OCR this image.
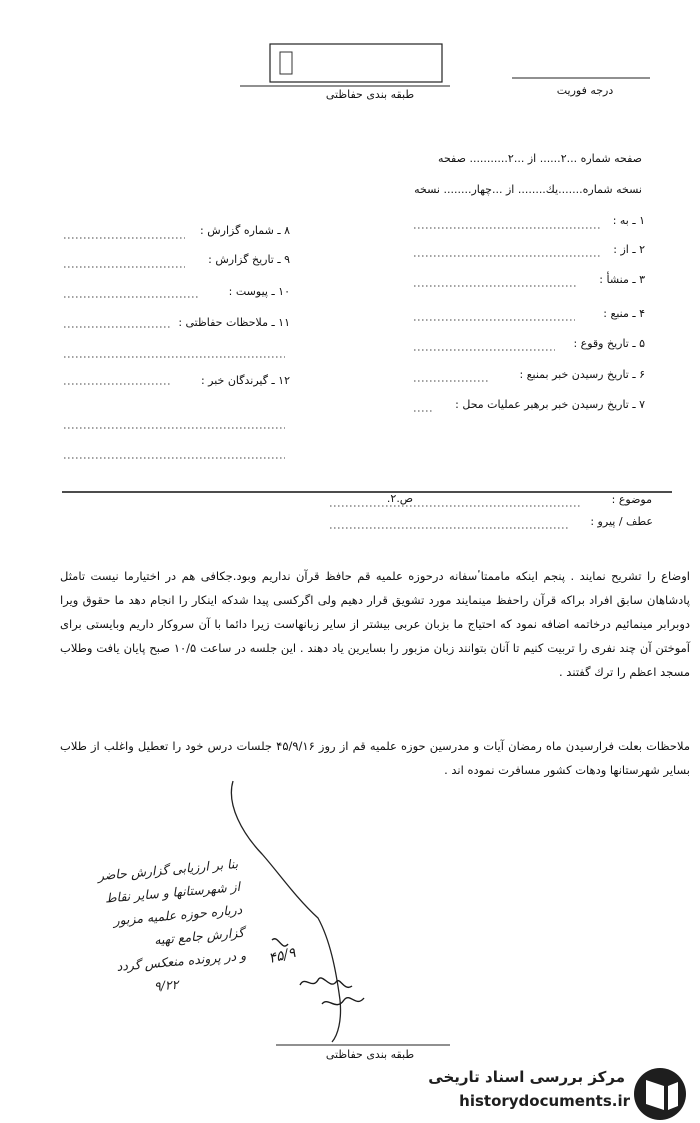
طبقه بندی حفاظتی	درجه فوریت
صفحه شماره ...۲...... از ...۲........... صفحه
نسخه شماره.......یك........ از ...چهار........ نسخه
۸ ـ شماره گزارش :
۹ ـ تاریخ گزارش :
۱۰ ـ پیوست :
۱۱ ـ ملاحظات حفاظتی :
۱۲ ـ گیرندگان خبر :
۱ ـ به :
۲ ـ از :
۳ ـ منشأ :
۴ ـ منبع :
۵ ـ تاریخ وقوع :
۶ ـ تاریخ رسیدن خبر بمنبع :
۷ ـ تاریخ رسیدن خبر برهبر عملیات محل :
موضوع :
ص.۲.
عطف / پیرو :
اوضاع را تشریح نمایند . پنجم اینکه ماممتاٴسفانه درحوزه علمیه قم حافظ قرآن نداریم وبود.جکافی هم در اختیارما نیست تامثل پادشاهان سابق افراد براکه قرآن راحفظ مینمایند مورد تشویق قرار دهیم ولی اگرکسی پیدا شدکه اینکار را انجام دهد ما حقوق ویرا دوبرابر مینمائیم درخاتمه اضافه نمود که احتیاج ما بزبان عربی بیشتر از سایر زبانهاست زیرا دائما با آن سروکار داریم وبایستی برای آموختن آن چند نفری را تربیت کنیم تا آنان بتوانند زبان مزبور را بسایرین یاد دهند . این جلسه در ساعت ۱۰/۵ صبح پایان یافت وطلاب مسجد اعظم را ترك گفتند .
ملاحظات بعلت فرارسیدن ماه رمضان آیات و مدرسین حوزه علمیه قم از روز ۴۵/۹/۱۶ جلسات درس خود را تعطیل واغلب از طلاب بسایر شهرستانها ودهات کشور مسافرت نموده اند .
بنا بر ارزیابی گزارش حاضر
از شهرستانها و سایر نقاط
درباره حوزه علمیه مزبور
گزارش جامع تهیه
و در پرونده منعکس گردد
۹/۲۲
۴۵/۹
طبقه بندی حفاظتی
مرکز بررسی اسناد تاریخی
historydocuments.ir
